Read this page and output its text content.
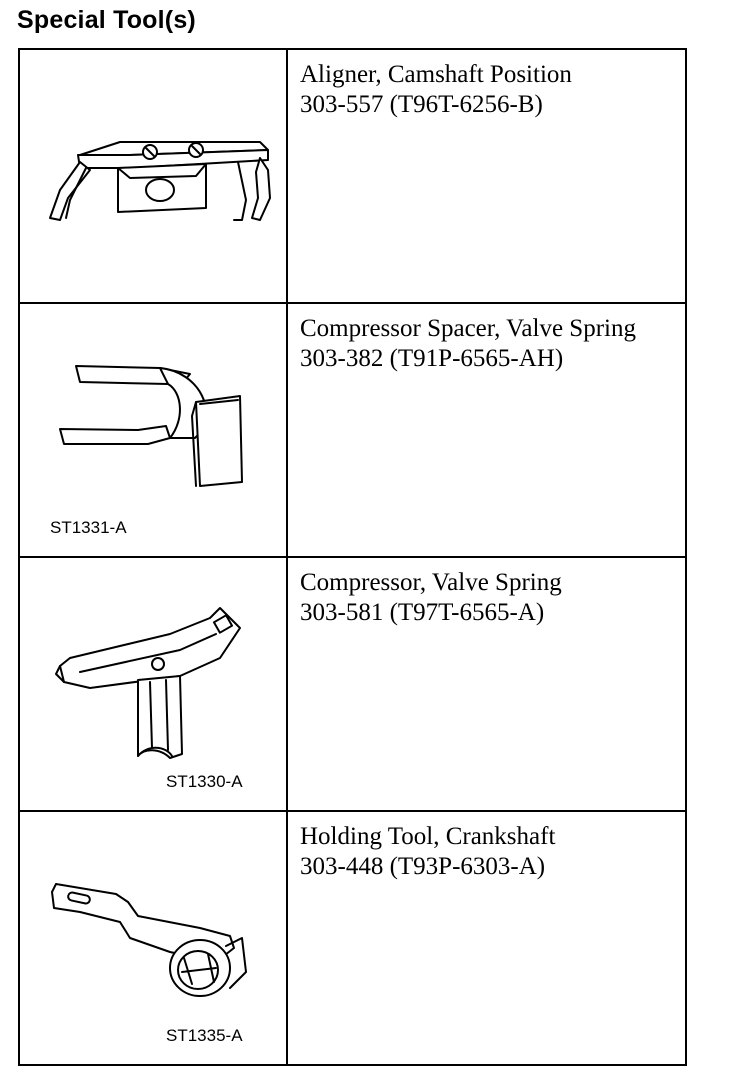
Special Tool(s)

Aligner, Camshaft Position
303-557 (T96T-6256-B)

ST1331-A	Compressor Spacer, Valve Spring
303-382 (T91P-6565-AH)

ST1330-A	Compressor, Valve Spring
303-581 (T97T-6565-A)

ST1335-A	Holding Tool, Crankshaft
303-448 (T93P-6303-A)
